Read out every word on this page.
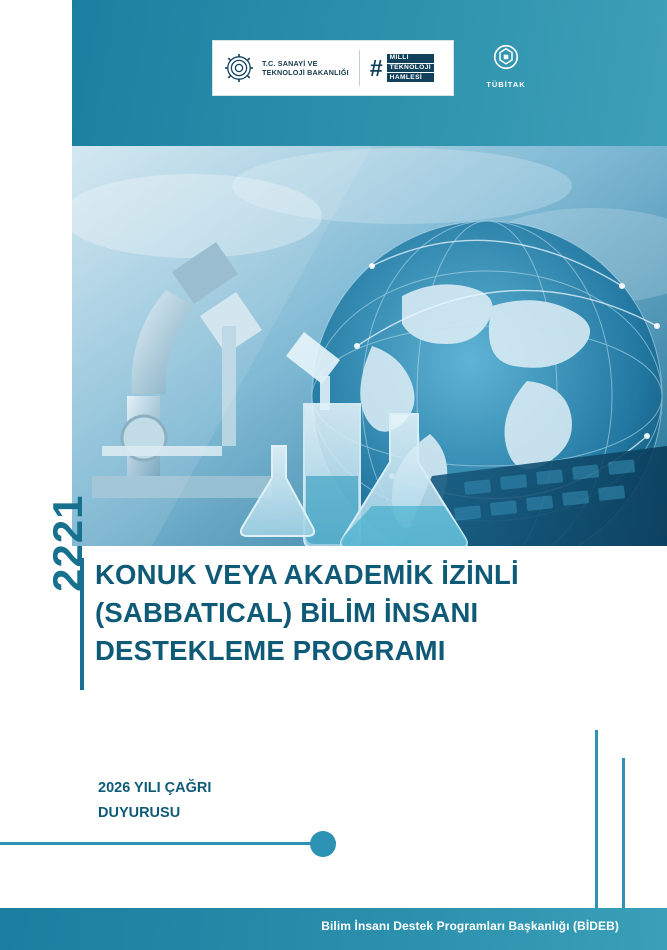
T.C. SANAYİ VE
TEKNOLOJİ BAKANLIĞI #	MİLLİ
TEKNOLOJİ
HAMLESİ
TÜBİTAK
2221 KONUK VEYA AKADEMİK İZİNLİ
(SABBATICAL) BİLİM İNSANI
DESTEKLEME PROGRAMI
2026 YILI ÇAĞRI
DUYURUSU
Bilim İnsanı Destek Programları Başkanlığı (BİDEB)
